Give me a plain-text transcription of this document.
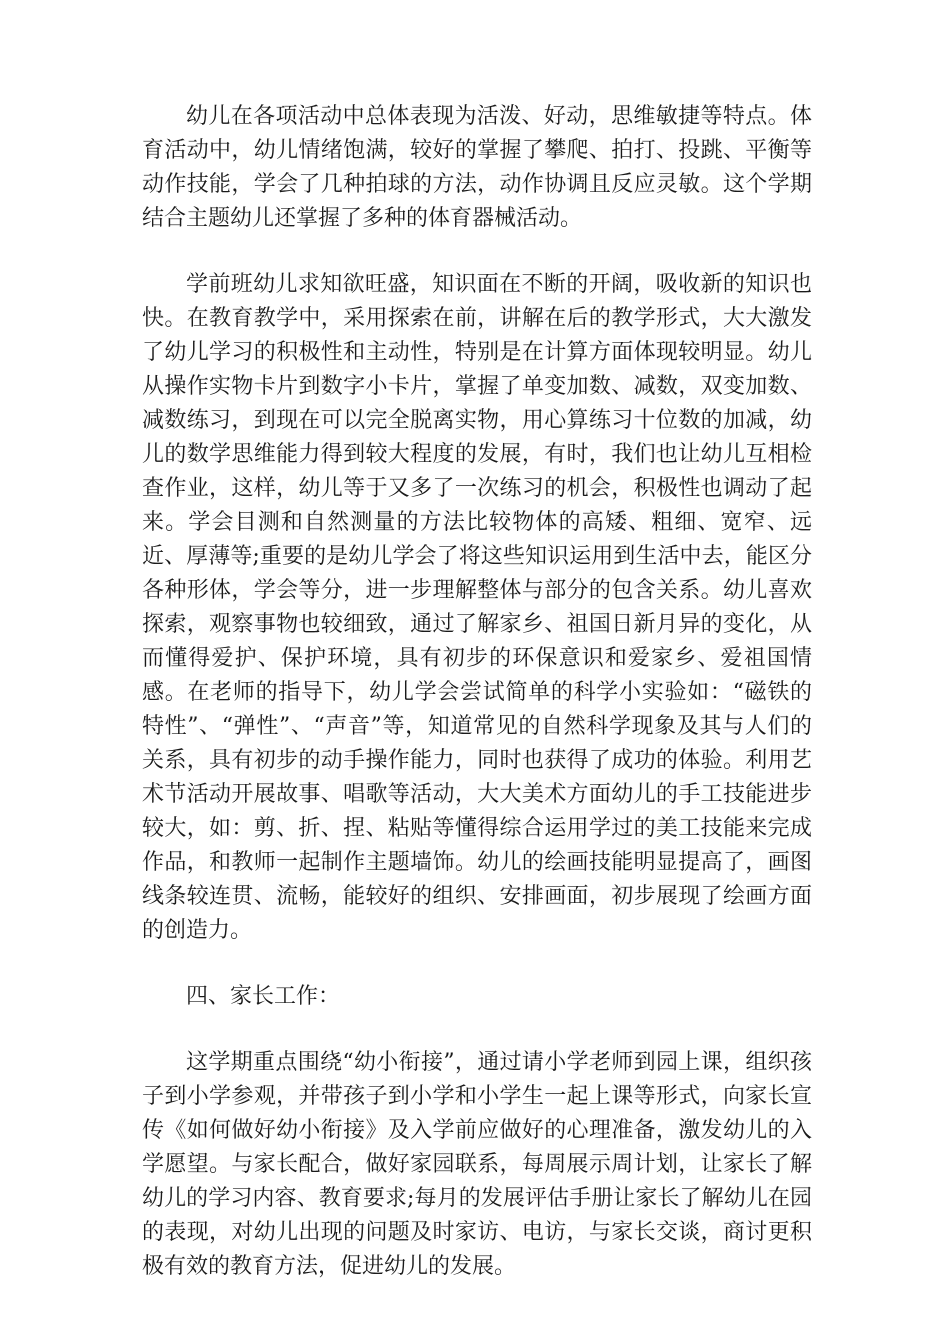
幼儿在各项活动中总体表现为活泼、好动，思维敏捷等特点。体育活动中，幼儿情绪饱满，较好的掌握了攀爬、拍打、投跳、平衡等动作技能，学会了几种拍球的方法，动作协调且反应灵敏。这个学期结合主题幼儿还掌握了多种的体育器械活动。

学前班幼儿求知欲旺盛，知识面在不断的开阔，吸收新的知识也快。在教育教学中，采用探索在前，讲解在后的教学形式，大大激发了幼儿学习的积极性和主动性，特别是在计算方面体现较明显。幼儿从操作实物卡片到数字小卡片，掌握了单变加数、减数，双变加数、减数练习，到现在可以完全脱离实物，用心算练习十位数的加减，幼儿的数学思维能力得到较大程度的发展，有时，我们也让幼儿互相检查作业，这样，幼儿等于又多了一次练习的机会，积极性也调动了起来。学会目测和自然测量的方法比较物体的高矮、粗细、宽窄、远近、厚薄等;重要的是幼儿学会了将这些知识运用到生活中去，能区分各种形体，学会等分，进一步理解整体与部分的包含关系。幼儿喜欢探索，观察事物也较细致，通过了解家乡、祖国日新月异的变化，从而懂得爱护、保护环境，具有初步的环保意识和爱家乡、爱祖国情感。在老师的指导下，幼儿学会尝试简单的科学小实验如：“磁铁的特性”、“弹性”、“声音”等，知道常见的自然科学现象及其与人们的关系，具有初步的动手操作能力，同时也获得了成功的体验。利用艺术节活动开展故事、唱歌等活动，大大美术方面幼儿的手工技能进步较大，如：剪、折、捏、粘贴等懂得综合运用学过的美工技能来完成作品，和教师一起制作主题墙饰。幼儿的绘画技能明显提高了，画图线条较连贯、流畅，能较好的组织、安排画面，初步展现了绘画方面的创造力。

四、家长工作：

这学期重点围绕“幼小衔接”，通过请小学老师到园上课，组织孩子到小学参观，并带孩子到小学和小学生一起上课等形式，向家长宣传《如何做好幼小衔接》及入学前应做好的心理准备，激发幼儿的入学愿望。与家长配合，做好家园联系，每周展示周计划，让家长了解幼儿的学习内容、教育要求;每月的发展评估手册让家长了解幼儿在园的表现，对幼儿出现的问题及时家访、电访，与家长交谈，商讨更积极有效的教育方法，促进幼儿的发展。
